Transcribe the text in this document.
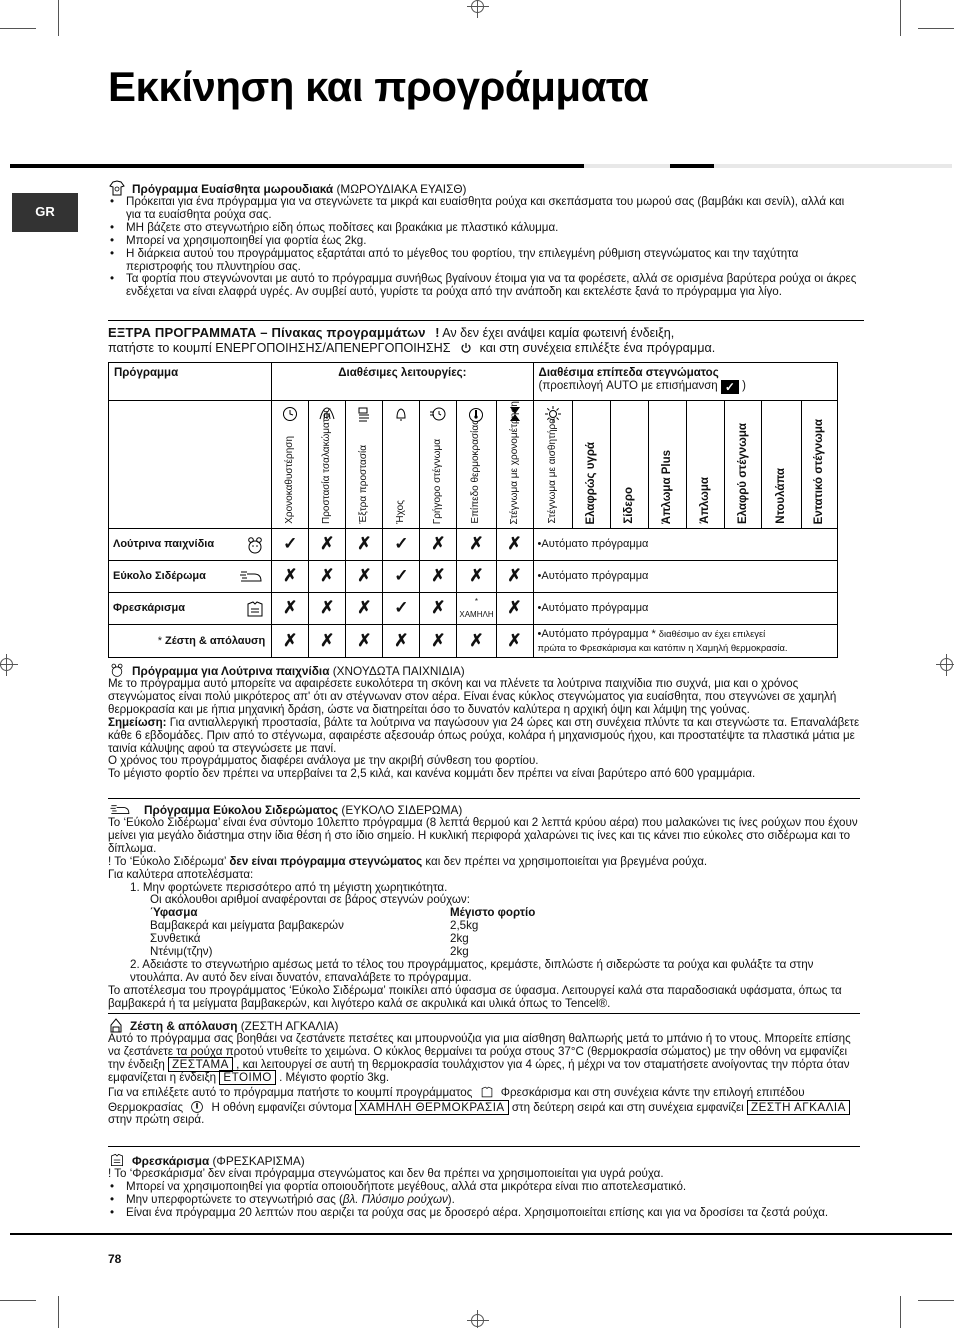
Εκκίνηση και προγράμματα
GR
Πρόγραμμα Ευαίσθητα μωρουδιακά (ΜΩΡΟΥΔΙΑΚΑ ΕΥΑΙΣΘ)
• Πρόκειται για ένα πρόγραμμα για να στεγνώνετε τα μικρά και ευαίσθητα ρούχα και σκεπάσματα του μωρού σας (βαμβάκι και σενίλ), αλλά και για τα ευαίσθητα ρούχα σας.
• ΜΗ βάζετε στο στεγνωτήριο είδη όπως ποδίτσες και βρακάκια με πλαστικό κάλυμμα.
• Μπορεί να χρησιμοποιηθεί για φορτία έως 2kg.
• Η διάρκεια αυτού του προγράμματος εξαρτάται από το μέγεθος του φορτίου, την επιλεγμένη ρύθμιση στεγνώματος και την ταχύτητα περιστροφής του πλυντηρίου σας.
• Τα φορτία που στεγνώνονται με αυτό το πρόγραμμα συνήθως βγαίνουν έτοιμα για να τα φορέσετε, αλλά σε ορισμένα βαρύτερα ρούχα οι άκρες ενδέχεται να είναι ελαφρά υγρές. Αν συμβεί αυτό, γυρίστε τα ρούχα από την ανάποδη και εκτελέστε ξανά το πρόγραμμα για λίγο.
ΕΞΤΡΑ ΠΡΟΓΡΑΜΜΑΤΑ – Πίνακας προγραμμάτων ! Αν δεν έχει ανάψει καμία φωτεινή ένδειξη,
πατήστε το κουμπί ΕΝΕΡΓΟΠΟΙΗΣΗΣ/ΑΠΕΝΕΡΓΟΠΟΙΗΣΗΣ και στη συνέχεια επιλέξτε ένα πρόγραμμα.
Πρόγραμμα	Διαθέσιμες λειτουργίες:							Διαθέσιμα επίπεδα στεγνώματος
(προεπιλογή AUTO με επισήμανση ✓ )							

	Χρονοκαθυστέρηση	Προστασία τσαλακώματος	Έξτρα προστασία	Ήχος	Γρήγορο στέγνωμα	Επίπεδο θερμοκρασίας	Στέγνωμα με χρονομέτρηση	Στέγνωμα με αισθητήρα	Ελαφρώς υγρά	Σίδερο	Άπλωμα Plus	Άπλωμα	Ελαφρύ στέγνωμα	Ντουλάπα	Εντατικό στέγνωμα

Λούτρινα παιχνίδια	✓	✗	✗	✓	✗	✗	✗	•Αυτόματο πρόγραμμα							
Εύκολο Σιδέρωμα	✗	✗	✗	✓	✗	✗	✗	•Αυτόματο πρόγραμμα							
Φρεσκάρισμα	✗	✗	✗	✓	✗	* ΧΑΜΗΛΗ	✗	•Αυτόματο πρόγραμμα							
* Ζέστη & απόλαυση	✗	✗	✗	✗	✗	✗	✗	•Αυτόματο πρόγραμμα * διαθέσιμο αν έχει επιλεγεί
πρώτα το Φρεσκάρισμα και κατόπιν η Χαμηλή θερμοκρασία.							
Πρόγραμμα για Λούτρινα παιχνίδια (ΧΝΟΥΔΩΤΑ ΠΑΙΧΝΙΔΙΑ)

Με το πρόγραμμα αυτό μπορείτε να αφαιρέσετε ευκολότερα τη σκόνη και να πλένετε τα λούτρινα παιχνίδια πιο συχνά, μια και ο χρόνος στεγνώματος είναι πολύ μικρότερος απ' ότι αν στέγνωναν στον αέρα. Είναι ένας κύκλος στεγνώματος για ευαίσθητα, που στεγνώνει σε χαμηλή θερμοκρασία και με ήπια μηχανική δράση, ώστε να διατηρείται όσο το δυνατόν καλύτερα η αρχική όψη και λάμψη της γούνας.

Σημείωση: Για αντιαλλεργική προστασία, βάλτε τα λούτρινα να παγώσουν για 24 ώρες και στη συνέχεια πλύντε τα και στεγνώστε τα. Επαναλάβετε κάθε 6 εβδομάδες. Πριν από το στέγνωμα, αφαιρέστε αξεσουάρ όπως ρούχα, κολάρα ή μηχανισμούς ήχου, και προστατέψτε τα πλαστικά μάτια με ταινία κάλυψης αφού τα στεγνώσετε με πανί.

Ο χρόνος του προγράμματος διαφέρει ανάλογα με την ακριβή σύνθεση του φορτίου.

Το μέγιστο φορτίο δεν πρέπει να υπερβαίνει τα 2,5 κιλά, και κανένα κομμάτι δεν πρέπει να είναι βαρύτερο από 600 γραμμάρια.

Πρόγραμμα Εύκολου Σιδερώματος (ΕΥΚΟΛΟ ΣΙΔΕΡΩΜΑ)

Το ‘Εύκολο Σιδέρωμα’ είναι ένα σύντομο 10λεπτο πρόγραμμα (8 λεπτά θερμού και 2 λεπτά κρύου αέρα) που μαλακώνει τις ίνες ρούχων που έχουν μείνει για μεγάλο διάστημα στην ίδια θέση ή στο ίδιο σημείο. Η κυκλική περιφορά χαλαρώνει τις ίνες και τις κάνει πιο εύκολες στο σιδέρωμα και το δίπλωμα.

! Το ‘Εύκολο Σιδέρωμα’ δεν είναι πρόγραμμα στεγνώματος και δεν πρέπει να χρησιμοποιείται για βρεγμένα ρούχα.

Για καλύτερα αποτελέσματα:

1. Μην φορτώνετε περισσότερο από τη μέγιστη χωρητικότητα.

Οι ακόλουθοι αριθμοί αναφέρονται σε βάρος στεγνών ρούχων:

Ύφασμα	Μέγιστο φορτίο
Βαμβακερά και μείγματα βαμβακερών	2,5kg
Συνθετικά	2kg
Ντένιμ(τζην)	2kg

2. Αδειάστε το στεγνωτήριο αμέσως μετά το τέλος του προγράμματος, κρεμάστε, διπλώστε ή σιδερώστε τα ρούχα και φυλάξτε τα στην ντουλάπα. Αν αυτό δεν είναι δυνατόν, επαναλάβετε το πρόγραμμα.

Το αποτέλεσμα του προγράμματος ‘Εύκολο Σιδέρωμα’ ποικίλει από ύφασμα σε ύφασμα. Λειτουργεί καλά στα παραδοσιακά υφάσματα, όπως τα βαμβακερά ή τα μείγματα βαμβακερών, και λιγότερο καλά σε ακρυλικά και υλικά όπως το Tencel®.

Ζέστη & απόλαυση (ΖΕΣΤΗ ΑΓΚΑΛΙΑ)

Αυτό το πρόγραμμα σας βοηθάει να ζεστάνετε πετσέτες και μπουρνούζια για μια αίσθηση θαλπωρής μετά το μπάνιο ή το ντους. Μπορείτε επίσης να ζεστάνετε τα ρούχα προτού ντυθείτε το χειμώνα. Ο κύκλος θερμαίνει τα ρούχα στους 37°C (θερμοκρασία σώματος) με την οθόνη να εμφανίζει την ένδειξη ΖΕΣΤΑΜΑ , και λειτουργεί σε αυτή τη θερμοκρασία τουλάχιστον για 4 ώρες, ή μέχρι να τον σταματήσετε ανοίγοντας την πόρτα όταν εμφανίζεται η ένδειξη ΕΤΟΙΜΟ . Μέγιστο φορτίο 3kg.

Για να επιλέξετε αυτό το πρόγραμμα πατήστε το κουμπί προγράμματος Φρεσκάρισμα και στη συνέχεια κάντε την επιλογή επιπέδου Θερμοκρασίας Η οθόνη εμφανίζει σύντομα ΧΑΜΗΛΗ ΘΕΡΜΟΚΡΑΣΙΑ στη δεύτερη σειρά και στη συνέχεια εμφανίζει ΖΕΣΤΗ ΑΓΚΑΛΙΑ στην πρώτη σειρά.

Φρεσκάρισμα (ΦΡΕΣΚΑΡΙΣΜΑ)

! Το ‘Φρεσκάρισμα’ δεν είναι πρόγραμμα στεγνώματος και δεν θα πρέπει να χρησιμοποιείται για υγρά ρούχα.

• Μπορεί να χρησιμοποιηθεί για φορτία οποιουδήποτε μεγέθους, αλλά στα μικρότερα είναι πιο αποτελεσματικό.
• Μην υπερφορτώνετε το στεγνωτήριό σας (βλ. Πλύσιμο ρούχων).
• Είναι ένα πρόγραμμα 20 λεπτών που αεριζει τα ρούχα σας με δροσερό αέρα. Χρησιμοποιείται επίσης και για να δροσίσει τα ζεστά ρούχα.
78
